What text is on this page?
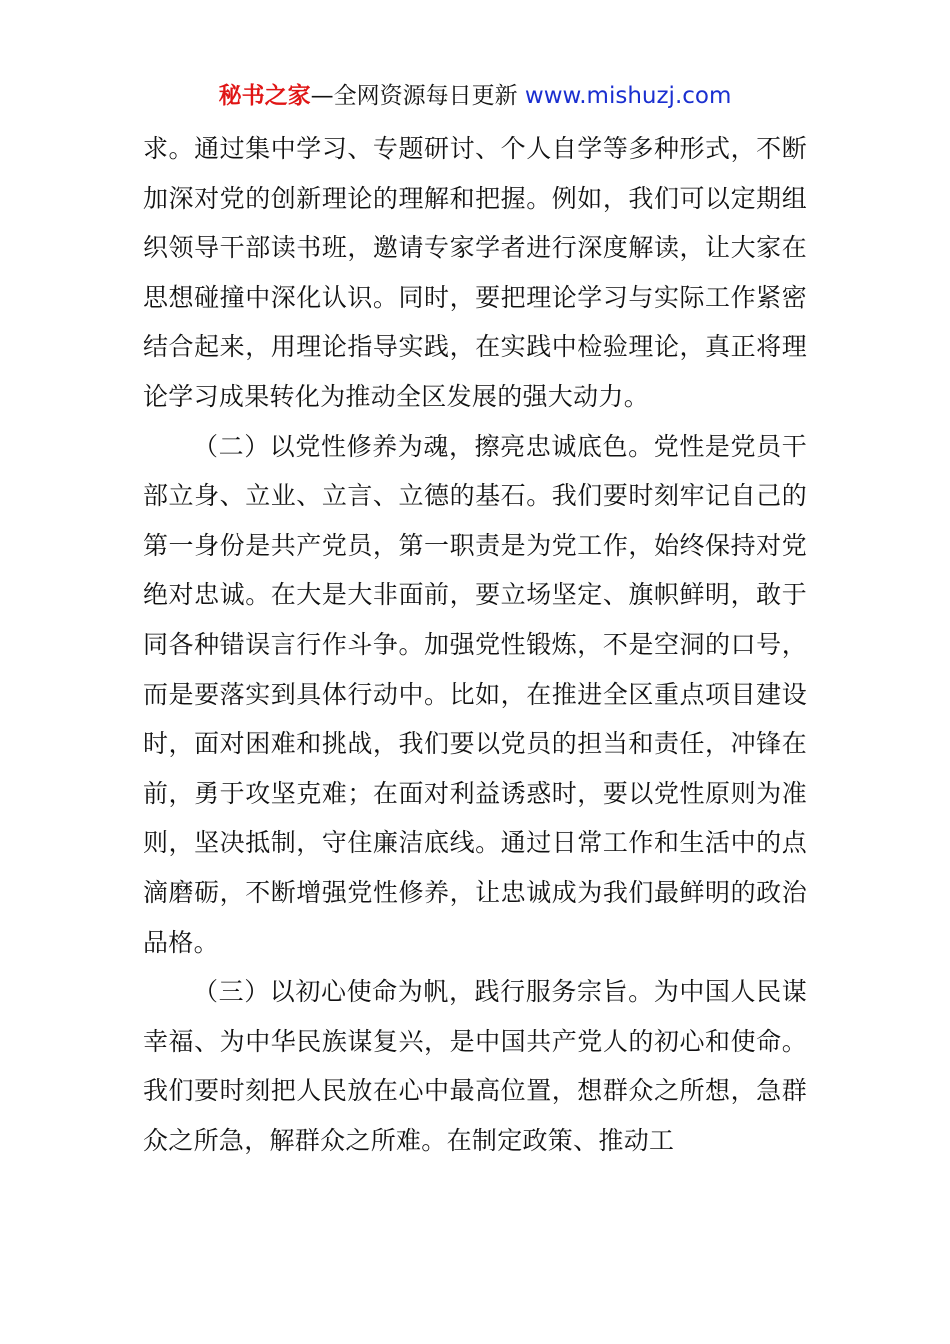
秘书之家—全网资源每日更新 www.mishuzj.com

求。通过集中学习、专题研讨、个人自学等多种形式，不断加深对党的创新理论的理解和把握。例如，我们可以定期组织领导干部读书班，邀请专家学者进行深度解读，让大家在思想碰撞中深化认识。同时，要把理论学习与实际工作紧密结合起来，用理论指导实践，在实践中检验理论，真正将理论学习成果转化为推动全区发展的强大动力。

（二）以党性修养为魂，擦亮忠诚底色。党性是党员干部立身、立业、立言、立德的基石。我们要时刻牢记自己的第一身份是共产党员，第一职责是为党工作，始终保持对党绝对忠诚。在大是大非面前，要立场坚定、旗帜鲜明，敢于同各种错误言行作斗争。加强党性锻炼，不是空洞的口号，而是要落实到具体行动中。比如，在推进全区重点项目建设时，面对困难和挑战，我们要以党员的担当和责任，冲锋在前，勇于攻坚克难；在面对利益诱惑时，要以党性原则为准则，坚决抵制，守住廉洁底线。通过日常工作和生活中的点滴磨砺，不断增强党性修养，让忠诚成为我们最鲜明的政治品格。

（三）以初心使命为帆，践行服务宗旨。为中国人民谋幸福、为中华民族谋复兴，是中国共产党人的初心和使命。我们要时刻把人民放在心中最高位置，想群众之所想，急群众之所急，解群众之所难。在制定政策、推动工
